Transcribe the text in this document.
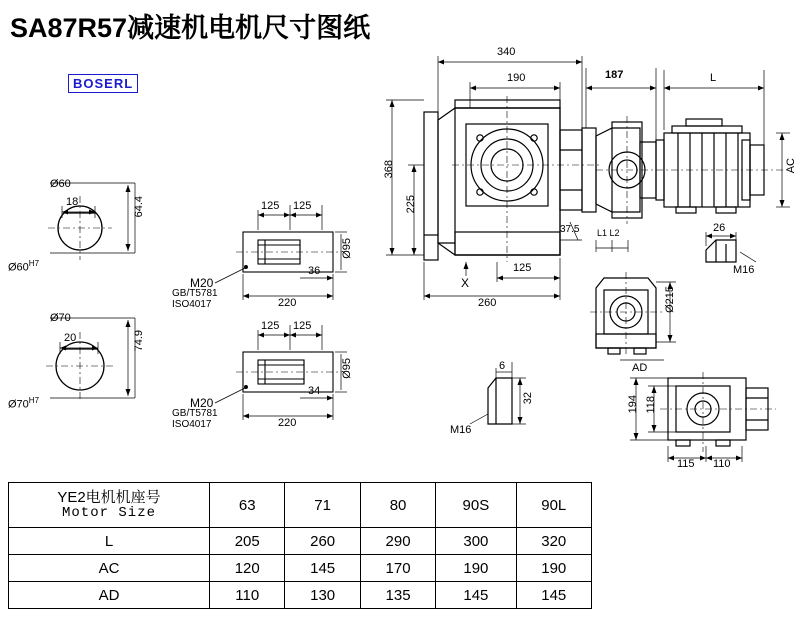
SA87R57减速机电机尺寸图纸
BOSERL
340
190	187	L
368
225
AC
260
125
X
37.5 L1 L2	26
M16
Ø215
AD
194 118
115 110
6
32
M16
Ø60
64.4
18
$Ø60^{H7}$
Ø70
74.9
20
$Ø70^{H7}$
125 125
36
220
Ø95
M20
GB/T5781
ISO4017
125 125
34
220
Ø95
M20
GB/T5781
ISO4017
YE2电机机座号
Motor Size	63	71	80	90S	90L
L	205	260	290	300	320
AC	120	145	170	190	190
AD	110	130	135	145	145
